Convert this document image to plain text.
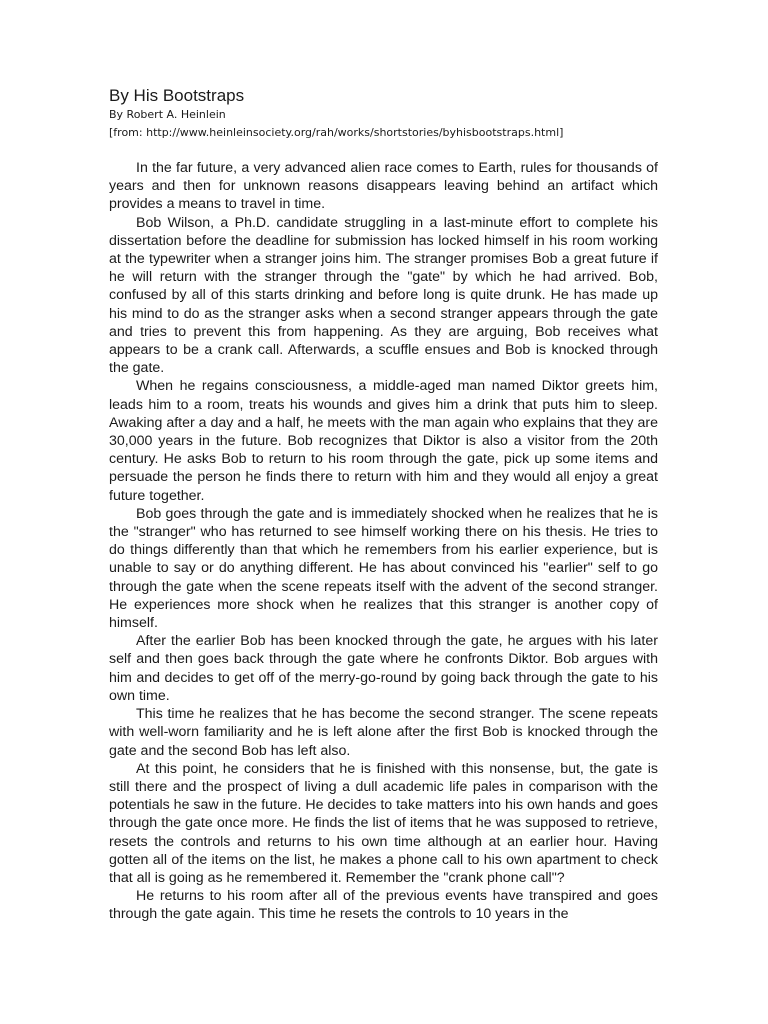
By His Bootstraps

By Robert A. Heinlein

[from: http://www.heinleinsociety.org/rah/works/shortstories/byhisbootstraps.html]

In the far future, a very advanced alien race comes to Earth, rules for thousands of years and then for unknown reasons disappears leaving behind an artifact which provides a means to travel in time.

Bob Wilson, a Ph.D. candidate struggling in a last-minute effort to complete his dissertation before the deadline for submission has locked himself in his room working at the typewriter when a stranger joins him. The stranger promises Bob a great future if he will return with the stranger through the "gate" by which he had arrived. Bob, confused by all of this starts drinking and before long is quite drunk. He has made up his mind to do as the stranger asks when a second stranger appears through the gate and tries to prevent this from happening. As they are arguing, Bob receives what appears to be a crank call. Afterwards, a scuffle ensues and Bob is knocked through the gate.

When he regains consciousness, a middle-aged man named Diktor greets him, leads him to a room, treats his wounds and gives him a drink that puts him to sleep. Awaking after a day and a half, he meets with the man again who explains that they are 30,000 years in the future. Bob recognizes that Diktor is also a visitor from the 20th century. He asks Bob to return to his room through the gate, pick up some items and persuade the person he finds there to return with him and they would all enjoy a great future together.

Bob goes through the gate and is immediately shocked when he realizes that he is the "stranger" who has returned to see himself working there on his thesis. He tries to do things differently than that which he remembers from his earlier experience, but is unable to say or do anything different. He has about convinced his "earlier" self to go through the gate when the scene repeats itself with the advent of the second stranger. He experiences more shock when he realizes that this stranger is another copy of himself.

After the earlier Bob has been knocked through the gate, he argues with his later self and then goes back through the gate where he confronts Diktor. Bob argues with him and decides to get off of the merry-go-round by going back through the gate to his own time.

This time he realizes that he has become the second stranger. The scene repeats with well-worn familiarity and he is left alone after the first Bob is knocked through the gate and the second Bob has left also.

At this point, he considers that he is finished with this nonsense, but, the gate is still there and the prospect of living a dull academic life pales in comparison with the potentials he saw in the future. He decides to take matters into his own hands and goes through the gate once more. He finds the list of items that he was supposed to retrieve, resets the controls and returns to his own time although at an earlier hour. Having gotten all of the items on the list, he makes a phone call to his own apartment to check that all is going as he remembered it. Remember the "crank phone call"?

He returns to his room after all of the previous events have transpired and goes through the gate again. This time he resets the controls to 10 years in the
